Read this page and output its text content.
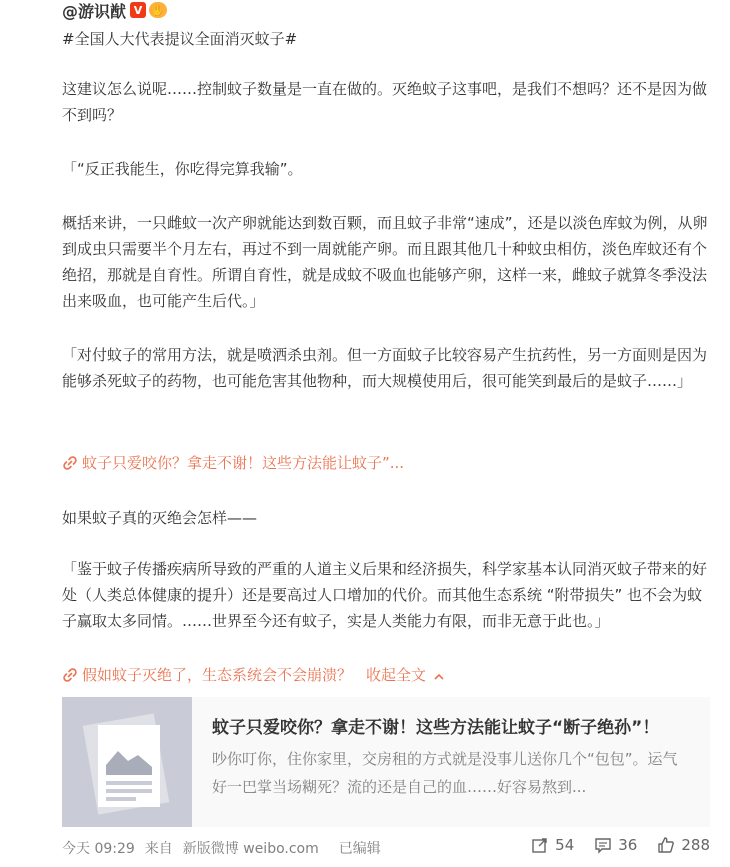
@游识猷 V ✋
#全国人大代表提议全面消灭蚊子#
这建议怎么说呢……控制蚊子数量是一直在做的。灭绝蚊子这事吧，是我们不想吗？还不是因为做不到吗？
「“反正我能生，你吃得完算我输”。
概括来讲，一只雌蚊一次产卵就能达到数百颗，而且蚊子非常“速成”，还是以淡色库蚊为例，从卵到成虫只需要半个月左右，再过不到一周就能产卵。而且跟其他几十种蚊虫相仿，淡色库蚊还有个绝招，那就是自育性。所谓自育性，就是成蚊不吸血也能够产卵，这样一来，雌蚊子就算冬季没法出来吸血，也可能产生后代。」
「对付蚊子的常用方法，就是喷洒杀虫剂。但一方面蚊子比较容易产生抗药性，另一方面则是因为能够杀死蚊子的药物，也可能危害其他物种，而大规模使用后，很可能笑到最后的是蚊子……」
蚊子只爱咬你？拿走不谢！这些方法能让蚊子”...
如果蚊子真的灭绝会怎样——
「鉴于蚊子传播疾病所导致的严重的人道主义后果和经济损失，科学家基本认同消灭蚊子带来的好处（人类总体健康的提升）还是要高过人口增加的代价。而其他生态系统 “附带损失” 也不会为蚊子赢取太多同情。……世界至今还有蚊子，实是人类能力有限，而非无意于此也。」
假如蚊子灭绝了，生态系统会不会崩溃？ 收起全文
蚊子只爱咬你？拿走不谢！这些方法能让蚊子“断子绝孙”！
吵你叮你，住你家里，交房租的方式就是没事儿送你几个“包包”。运气好一巴掌当场糊死？流的还是自己的血……好容易熬到...
今天 09:29 来自 新版微博 weibo.com 已编辑	54	36	288
